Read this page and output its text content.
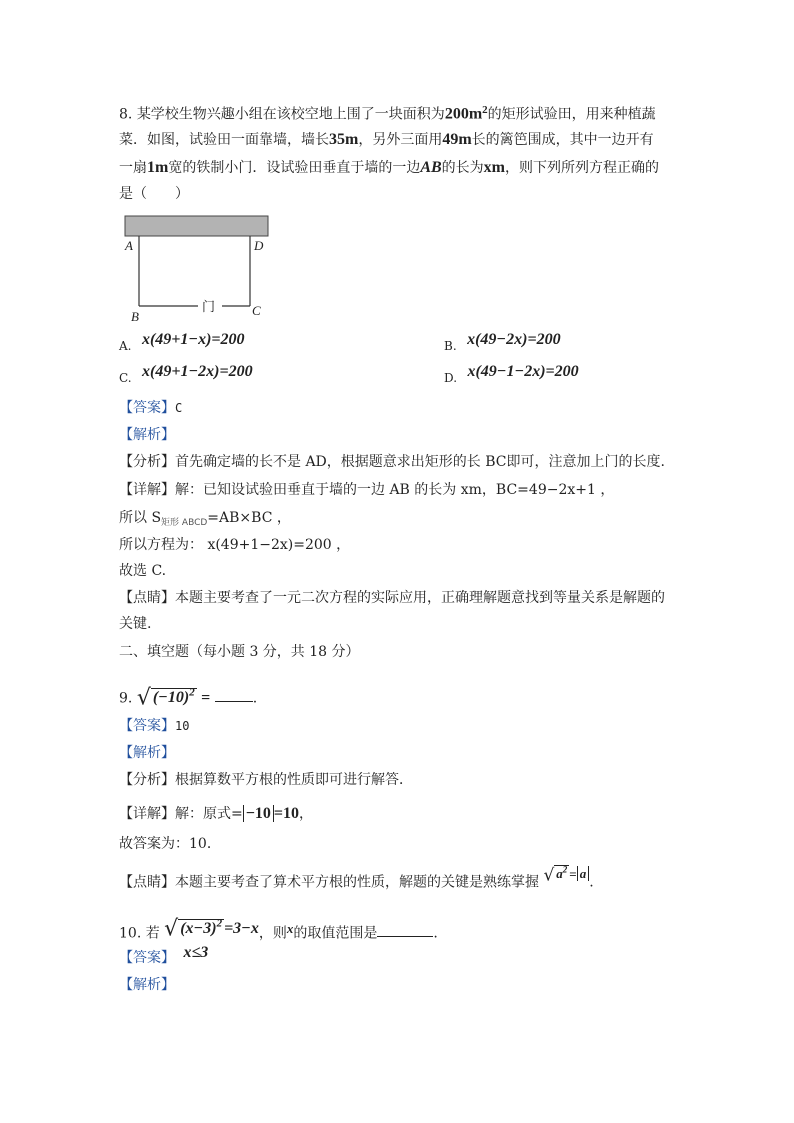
8. 某学校生物兴趣小组在该校空地上围了一块面积为$200m^2$的矩形试验田，用来种植蔬
菜．如图，试验田一面靠墙，墙长35m，另外三面用49m长的篱笆围成，其中一边开有
一扇1m宽的铁制小门．设试验田垂直于墙的一边AB的长为xm，则下列所列方程正确的
是（　　）
A	D
B	C
门
A. x(49+1−x)=200	B. x(49−2x)=200
C. x(49+1−2x)=200	D. x(49−1−2x)=200
【答案】C
【解析】
【分析】首先确定墙的长不是 AD，根据题意求出矩形的长 BC即可，注意加上门的长度.
【详解】解：已知设试验田垂直于墙的一边 AB 的长为 xm，BC=49−2x+1 ，
所以 $S_{矩形 ABCD}=AB\times BC$ ，
所以方程为： x(49+1−2x)=200 ，
故选 C.
【点睛】本题主要考查了一元二次方程的实际应用，正确理解题意找到等量关系是解题的
关键.
二、填空题（每小题 3 分，共 18 分）
9. √ $(-10)^2$ =	.
【答案】10
【解析】
【分析】根据算数平方根的性质即可进行解答．
【详解】解：原式= −10 =10，
故答案为：10．
【点睛】本题主要考查了算术平方根的性质，解题的关键是熟练掌握 √ $a^2 = a$.
10. 若 √ $(x-3)^2 =3-x$，则x的取值范围是	.
【答案】 x≤3
【解析】
